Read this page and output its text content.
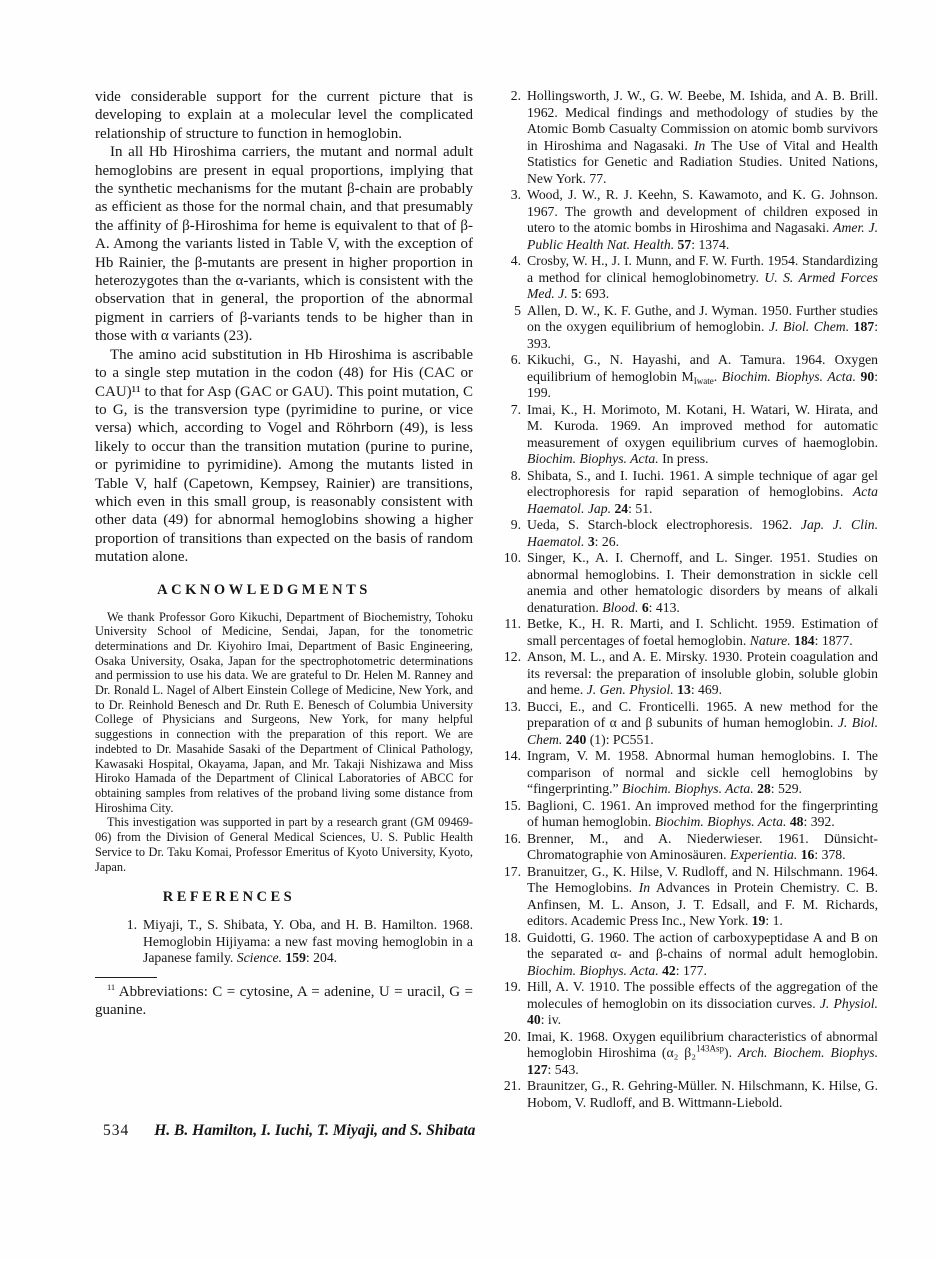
vide considerable support for the current picture that is developing to explain at a molecular level the complicated relationship of structure to function in hemoglobin.

In all Hb Hiroshima carriers, the mutant and normal adult hemoglobins are present in equal proportions, implying that the synthetic mechanisms for the mutant β-chain are probably as efficient as those for the normal chain, and that presumably the affinity of β-Hiroshima for heme is equivalent to that of β-A. Among the variants listed in Table V, with the exception of Hb Rainier, the β-mutants are present in higher proportion in heterozygotes than the α-variants, which is consistent with the observation that in general, the proportion of the abnormal pigment in carriers of β-variants tends to be higher than in those with α variants (23).

The amino acid substitution in Hb Hiroshima is ascribable to a single step mutation in the codon (48) for His (CAC or CAU)¹¹ to that for Asp (GAC or GAU). This point mutation, C to G, is the transversion type (pyrimidine to purine, or vice versa) which, according to Vogel and Röhrborn (49), is less likely to occur than the transition mutation (purine to purine, or pyrimidine to pyrimidine). Among the mutants listed in Table V, half (Capetown, Kempsey, Rainier) are transitions, which even in this small group, is reasonably consistent with other data (49) for abnormal hemoglobins showing a higher proportion of transitions than expected on the basis of random mutation alone.

ACKNOWLEDGMENTS

We thank Professor Goro Kikuchi, Department of Biochemistry, Tohoku University School of Medicine, Sendai, Japan, for the tonometric determinations and Dr. Kiyohiro Imai, Department of Basic Engineering, Osaka University, Osaka, Japan for the spectrophotometric determinations and permission to use his data. We are grateful to Dr. Helen M. Ranney and Dr. Ronald L. Nagel of Albert Einstein College of Medicine, New York, and to Dr. Reinhold Benesch and Dr. Ruth E. Benesch of Columbia University College of Physicians and Surgeons, New York, for many helpful suggestions in connection with the preparation of this report. We are indebted to Dr. Masahide Sasaki of the Department of Clinical Pathology, Kawasaki Hospital, Okayama, Japan, and Mr. Takaji Nishizawa and Miss Hiroko Hamada of the Department of Clinical Laboratories of ABCC for obtaining samples from relatives of the proband living some distance from Hiroshima City.

This investigation was supported in part by a research grant (GM 09469-06) from the Division of General Medical Sciences, U. S. Public Health Service to Dr. Taku Komai, Professor Emeritus of Kyoto University, Kyoto, Japan.

REFERENCES
1. Miyaji, T., S. Shibata, Y. Oba, and H. B. Hamilton. 1968. Hemoglobin Hijiyama: a new fast moving hemoglobin in a Japanese family. Science. 159: 204.

$^{11}$ Abbreviations: C = cytosine, A = adenine, U = uracil, G = guanine.

2. Hollingsworth, J. W., G. W. Beebe, M. Ishida, and A. B. Brill. 1962. Medical findings and methodology of studies by the Atomic Bomb Casualty Commission on atomic bomb survivors in Hiroshima and Nagasaki. In The Use of Vital and Health Statistics for Genetic and Radiation Studies. United Nations, New York. 77.
3. Wood, J. W., R. J. Keehn, S. Kawamoto, and K. G. Johnson. 1967. The growth and development of children exposed in utero to the atomic bombs in Hiroshima and Nagasaki. Amer. J. Public Health Nat. Health. 57: 1374.
4. Crosby, W. H., J. I. Munn, and F. W. Furth. 1954. Standardizing a method for clinical hemoglobinometry. U. S. Armed Forces Med. J. 5: 693.
5 Allen, D. W., K. F. Guthe, and J. Wyman. 1950. Further studies on the oxygen equilibrium of hemoglobin. J. Biol. Chem. 187: 393.
6. Kikuchi, G., N. Hayashi, and A. Tamura. 1964. Oxygen equilibrium of hemoglobin $M_{Iwate}$. Biochim. Biophys. Acta. 90: 199.
7. Imai, K., H. Morimoto, M. Kotani, H. Watari, W. Hirata, and M. Kuroda. 1969. An improved method for automatic measurement of oxygen equilibrium curves of haemoglobin. Biochim. Biophys. Acta. In press.
8. Shibata, S., and I. Iuchi. 1961. A simple technique of agar gel electrophoresis for rapid separation of hemoglobins. Acta Haematol. Jap. 24: 51.
9. Ueda, S. Starch-block electrophoresis. 1962. Jap. J. Clin. Haematol. 3: 26.
10. Singer, K., A. I. Chernoff, and L. Singer. 1951. Studies on abnormal hemoglobins. I. Their demonstration in sickle cell anemia and other hematologic disorders by means of alkali denaturation. Blood. 6: 413.
11. Betke, K., H. R. Marti, and I. Schlicht. 1959. Estimation of small percentages of foetal hemoglobin. Nature. 184: 1877.
12. Anson, M. L., and A. E. Mirsky. 1930. Protein coagulation and its reversal: the preparation of insoluble globin, soluble globin and heme. J. Gen. Physiol. 13: 469.
13. Bucci, E., and C. Fronticelli. 1965. A new method for the preparation of α and β subunits of human hemoglobin. J. Biol. Chem. 240 (1): PC551.
14. Ingram, V. M. 1958. Abnormal human hemoglobins. I. The comparison of normal and sickle cell hemoglobins by “fingerprinting.” Biochim. Biophys. Acta. 28: 529.
15. Baglioni, C. 1961. An improved method for the fingerprinting of human hemoglobin. Biochim. Biophys. Acta. 48: 392.
16. Brenner, M., and A. Niederwieser. 1961. Dünsicht-Chromatographie von Aminosäuren. Experientia. 16: 378.
17. Branuitzer, G., K. Hilse, V. Rudloff, and N. Hilschmann. 1964. The Hemoglobins. In Advances in Protein Chemistry. C. B. Anfinsen, M. L. Anson, J. T. Edsall, and F. M. Richards, editors. Academic Press Inc., New York. 19: 1.
18. Guidotti, G. 1960. The action of carboxypeptidase A and B on the separated α- and β-chains of normal adult hemoglobin. Biochim. Biophys. Acta. 42: 177.
19. Hill, A. V. 1910. The possible effects of the aggregation of the molecules of hemoglobin on its dissociation curves. J. Physiol. 40: iv.
20. Imai, K. 1968. Oxygen equilibrium characteristics of abnormal hemoglobin Hiroshima (α₂ β₂$^{143Asp}$). Arch. Biochem. Biophys. 127: 543.
21. Braunitzer, G., R. Gehring-Müller. N. Hilschmann, K. Hilse, G. Hobom, V. Rudloff, and B. Wittmann-Liebold.
534 H. B. Hamilton, I. Iuchi, T. Miyaji, and S. Shibata
